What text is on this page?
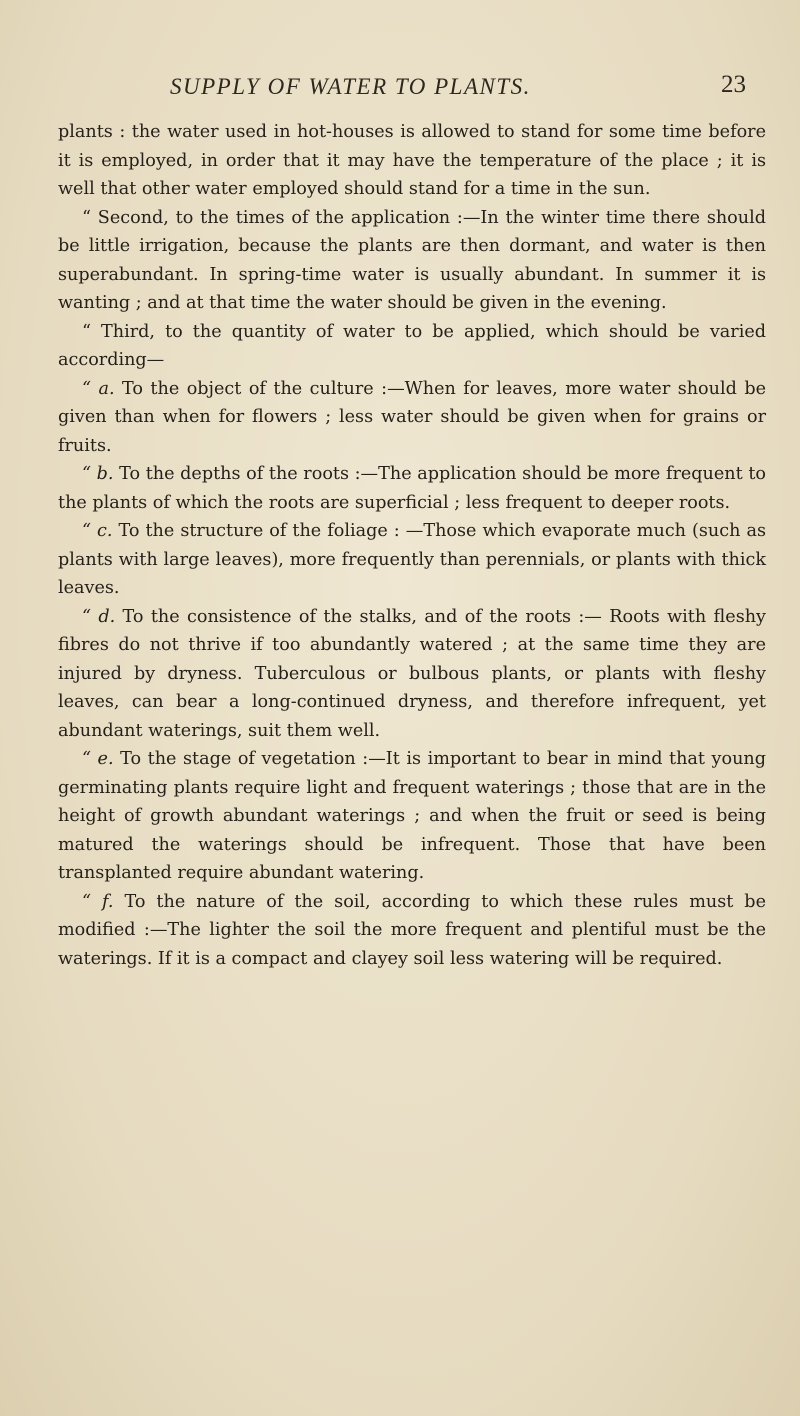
SUPPLY OF WATER TO PLANTS.	23

plants : the water used in hot-houses is allowed to stand for some time before it is employed, in order that it may have the temperature of the place ; it is well that other water employed should stand for a time in the sun.

“ Second, to the times of the application :—In the winter time there should be little irrigation, because the plants are then dormant, and water is then superabundant. In spring-time water is usually abundant. In summer it is wanting ; and at that time the water should be given in the evening.

“ Third, to the quantity of water to be applied, which should be varied according—

“ a. To the object of the culture :—When for leaves, more water should be given than when for flowers ; less water should be given when for grains or fruits.

“ b. To the depths of the roots :—The application should be more frequent to the plants of which the roots are superficial ; less frequent to deeper roots.

“ c. To the structure of the foliage : —Those which evaporate much (such as plants with large leaves), more frequently than perennials, or plants with thick leaves.

“ d. To the consistence of the stalks, and of the roots :— Roots with fleshy fibres do not thrive if too abundantly watered ; at the same time they are injured by dryness. Tuberculous or bulbous plants, or plants with fleshy leaves, can bear a long-continued dryness, and therefore infrequent, yet abundant waterings, suit them well.

“ e. To the stage of vegetation :—It is important to bear in mind that young germinating plants require light and frequent waterings ; those that are in the height of growth abundant waterings ; and when the fruit or seed is being matured the waterings should be infrequent. Those that have been transplanted require abundant watering.

“ f. To the nature of the soil, according to which these rules must be modified :—The lighter the soil the more frequent and plentiful must be the waterings. If it is a compact and clayey soil less watering will be required.
